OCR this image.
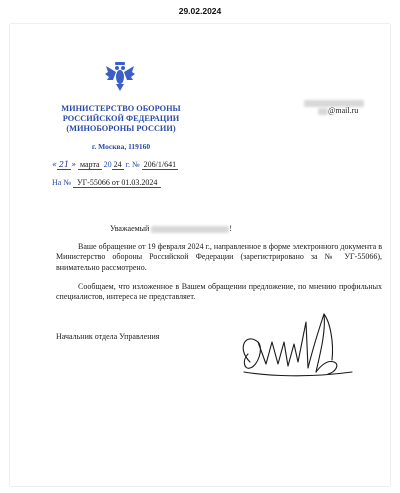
29.02.2024
МИНИСТЕРСТВО ОБОРОНЫ
РОССИЙСКОЙ ФЕДЕРАЦИИ
(МИНОБОРОНЫ РОССИИ)
г. Москва, 119160
« 21 » марта 20 24 г. № 206/1/641
На № УГ-55066 от 01.03.2024
@mail.ru
Уважаемый	!
Ваше обращение от 19 февраля 2024 г., направленное в форме электронного документа в Министерство обороны Российской Федерации (зарегистрировано за № УГ-55066), внимательно рассмотрено.
Сообщаем, что изложенное в Вашем обращении предложение, по мнению профильных специалистов, интереса не представляет.
Начальник отдела Управления
